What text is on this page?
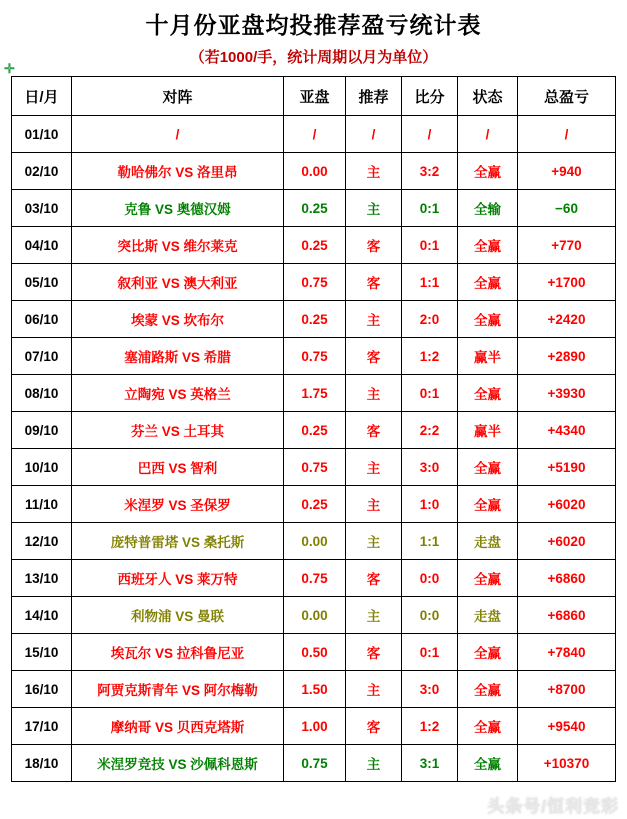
十月份亚盘均投推荐盈亏统计表
（若1000/手，统计周期以月为单位）
✛
日/月	对阵	亚盘	推荐	比分	状态	总盈亏
01/10	/	/	/	/	/	/
02/10	勒哈佛尔 VS 洛里昂	0.00	主	3:2	全赢	+940
03/10	克鲁 VS 奥德汉姆	0.25	主	0:1	全输	−60
04/10	突比斯 VS 维尔莱克	0.25	客	0:1	全赢	+770
05/10	叙利亚 VS 澳大利亚	0.75	客	1:1	全赢	+1700
06/10	埃蒙 VS 坎布尔	0.25	主	2:0	全赢	+2420
07/10	塞浦路斯 VS 希腊	0.75	客	1:2	赢半	+2890
08/10	立陶宛 VS 英格兰	1.75	主	0:1	全赢	+3930
09/10	芬兰 VS 土耳其	0.25	客	2:2	赢半	+4340
10/10	巴西 VS 智利	0.75	主	3:0	全赢	+5190
11/10	米涅罗 VS 圣保罗	0.25	主	1:0	全赢	+6020
12/10	庞特普雷塔 VS 桑托斯	0.00	主	1:1	走盘	+6020
13/10	西班牙人 VS 莱万特	0.75	客	0:0	全赢	+6860
14/10	利物浦 VS 曼联	0.00	主	0:0	走盘	+6860
15/10	埃瓦尔 VS 拉科鲁尼亚	0.50	客	0:1	全赢	+7840
16/10	阿贾克斯青年 VS 阿尔梅勒	1.50	主	3:0	全赢	+8700
17/10	摩纳哥 VS 贝西克塔斯	1.00	客	1:2	全赢	+9540
18/10	米涅罗竞技 VS 沙佩科恩斯	0.75	主	3:1	全赢	+10370
头条号/恒利竞彩
